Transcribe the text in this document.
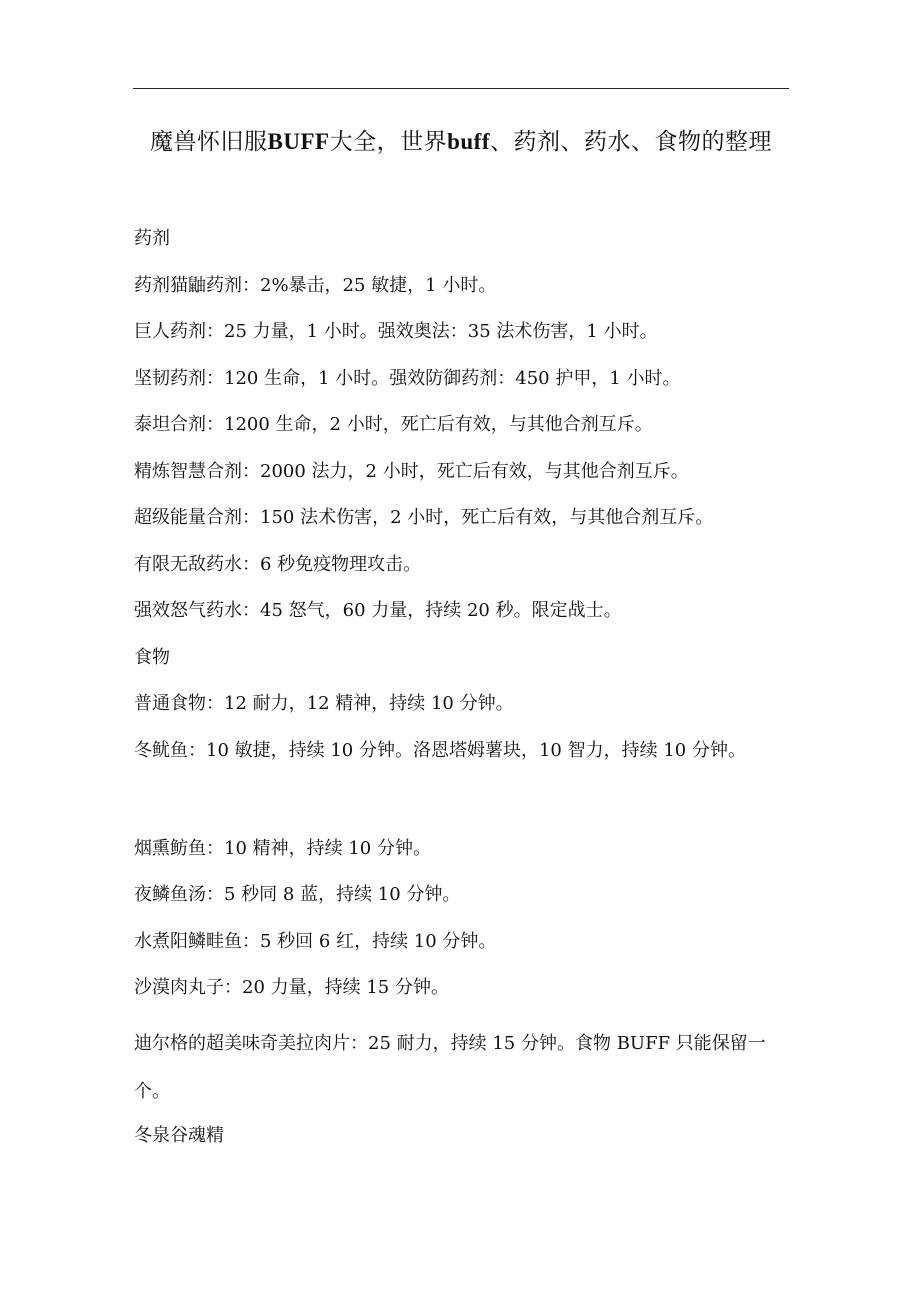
魔兽怀旧服BUFF大全，世界buff、药剂、药水、食物的整理

药剂

药剂猫鼬药剂：2%暴击，25 敏捷，1 小时。

巨人药剂：25 力量，1 小时。强效奥法：35 法术伤害，1 小时。

坚韧药剂：120 生命，1 小时。强效防御药剂：450 护甲，1 小时。

泰坦合剂：1200 生命，2 小时，死亡后有效，与其他合剂互斥。

精炼智慧合剂：2000 法力，2 小时，死亡后有效，与其他合剂互斥。

超级能量合剂：150 法术伤害，2 小时，死亡后有效，与其他合剂互斥。

有限无敌药水：6 秒免疫物理攻击。

强效怒气药水：45 怒气，60 力量，持续 20 秒。限定战士。

食物

普通食物：12 耐力，12 精神，持续 10 分钟。

冬鱿鱼：10 敏捷，持续 10 分钟。洛恩塔姆薯块，10 智力，持续 10 分钟。

烟熏鲂鱼：10 精神，持续 10 分钟。

夜鳞鱼汤：5 秒同 8 蓝，持续 10 分钟。

水煮阳鳞畦鱼：5 秒回 6 红，持续 10 分钟。

沙漠肉丸子：20 力量，持续 15 分钟。

迪尔格的超美味奇美拉肉片：25 耐力，持续 15 分钟。食物 BUFF 只能保留一个。

冬泉谷魂精
